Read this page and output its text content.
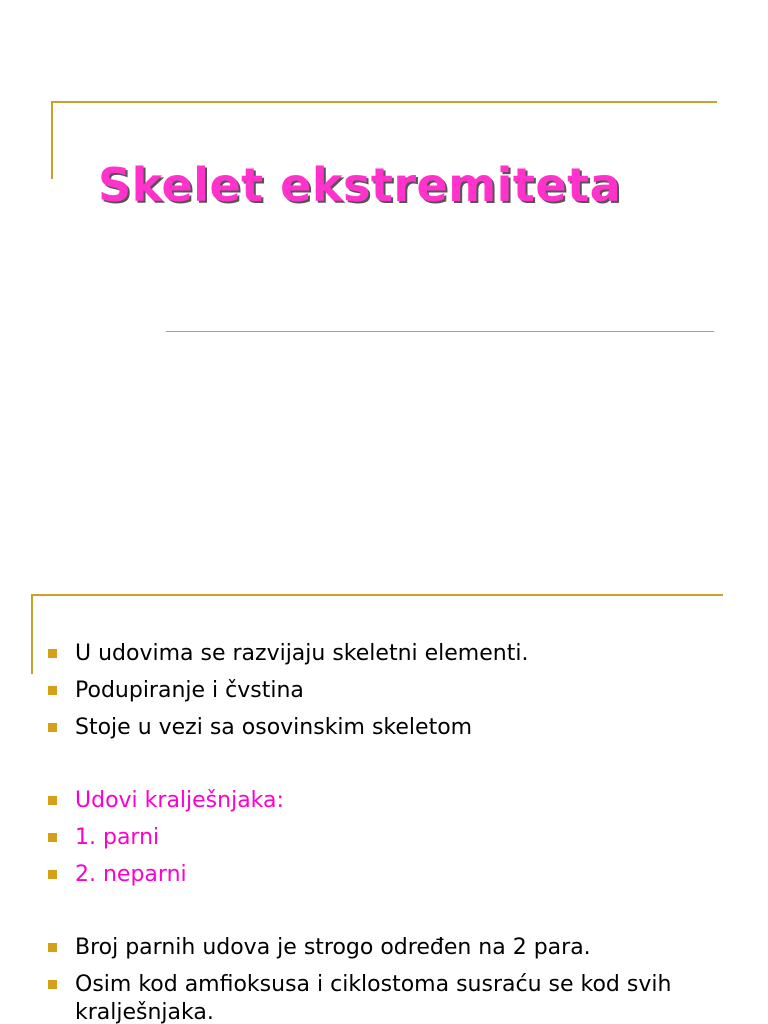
Skelet ekstremiteta
U udovima se razvijaju skeletni elementi.
Podupiranje i čvstina
Stoje u vezi sa osovinskim skeletom
Udovi kralješnjaka:
1. parni
2. neparni
Broj parnih udova je strogo određen na 2 para.
Osim kod amfioksusa i ciklostoma susraću se kod svih
kralješnjaka.
